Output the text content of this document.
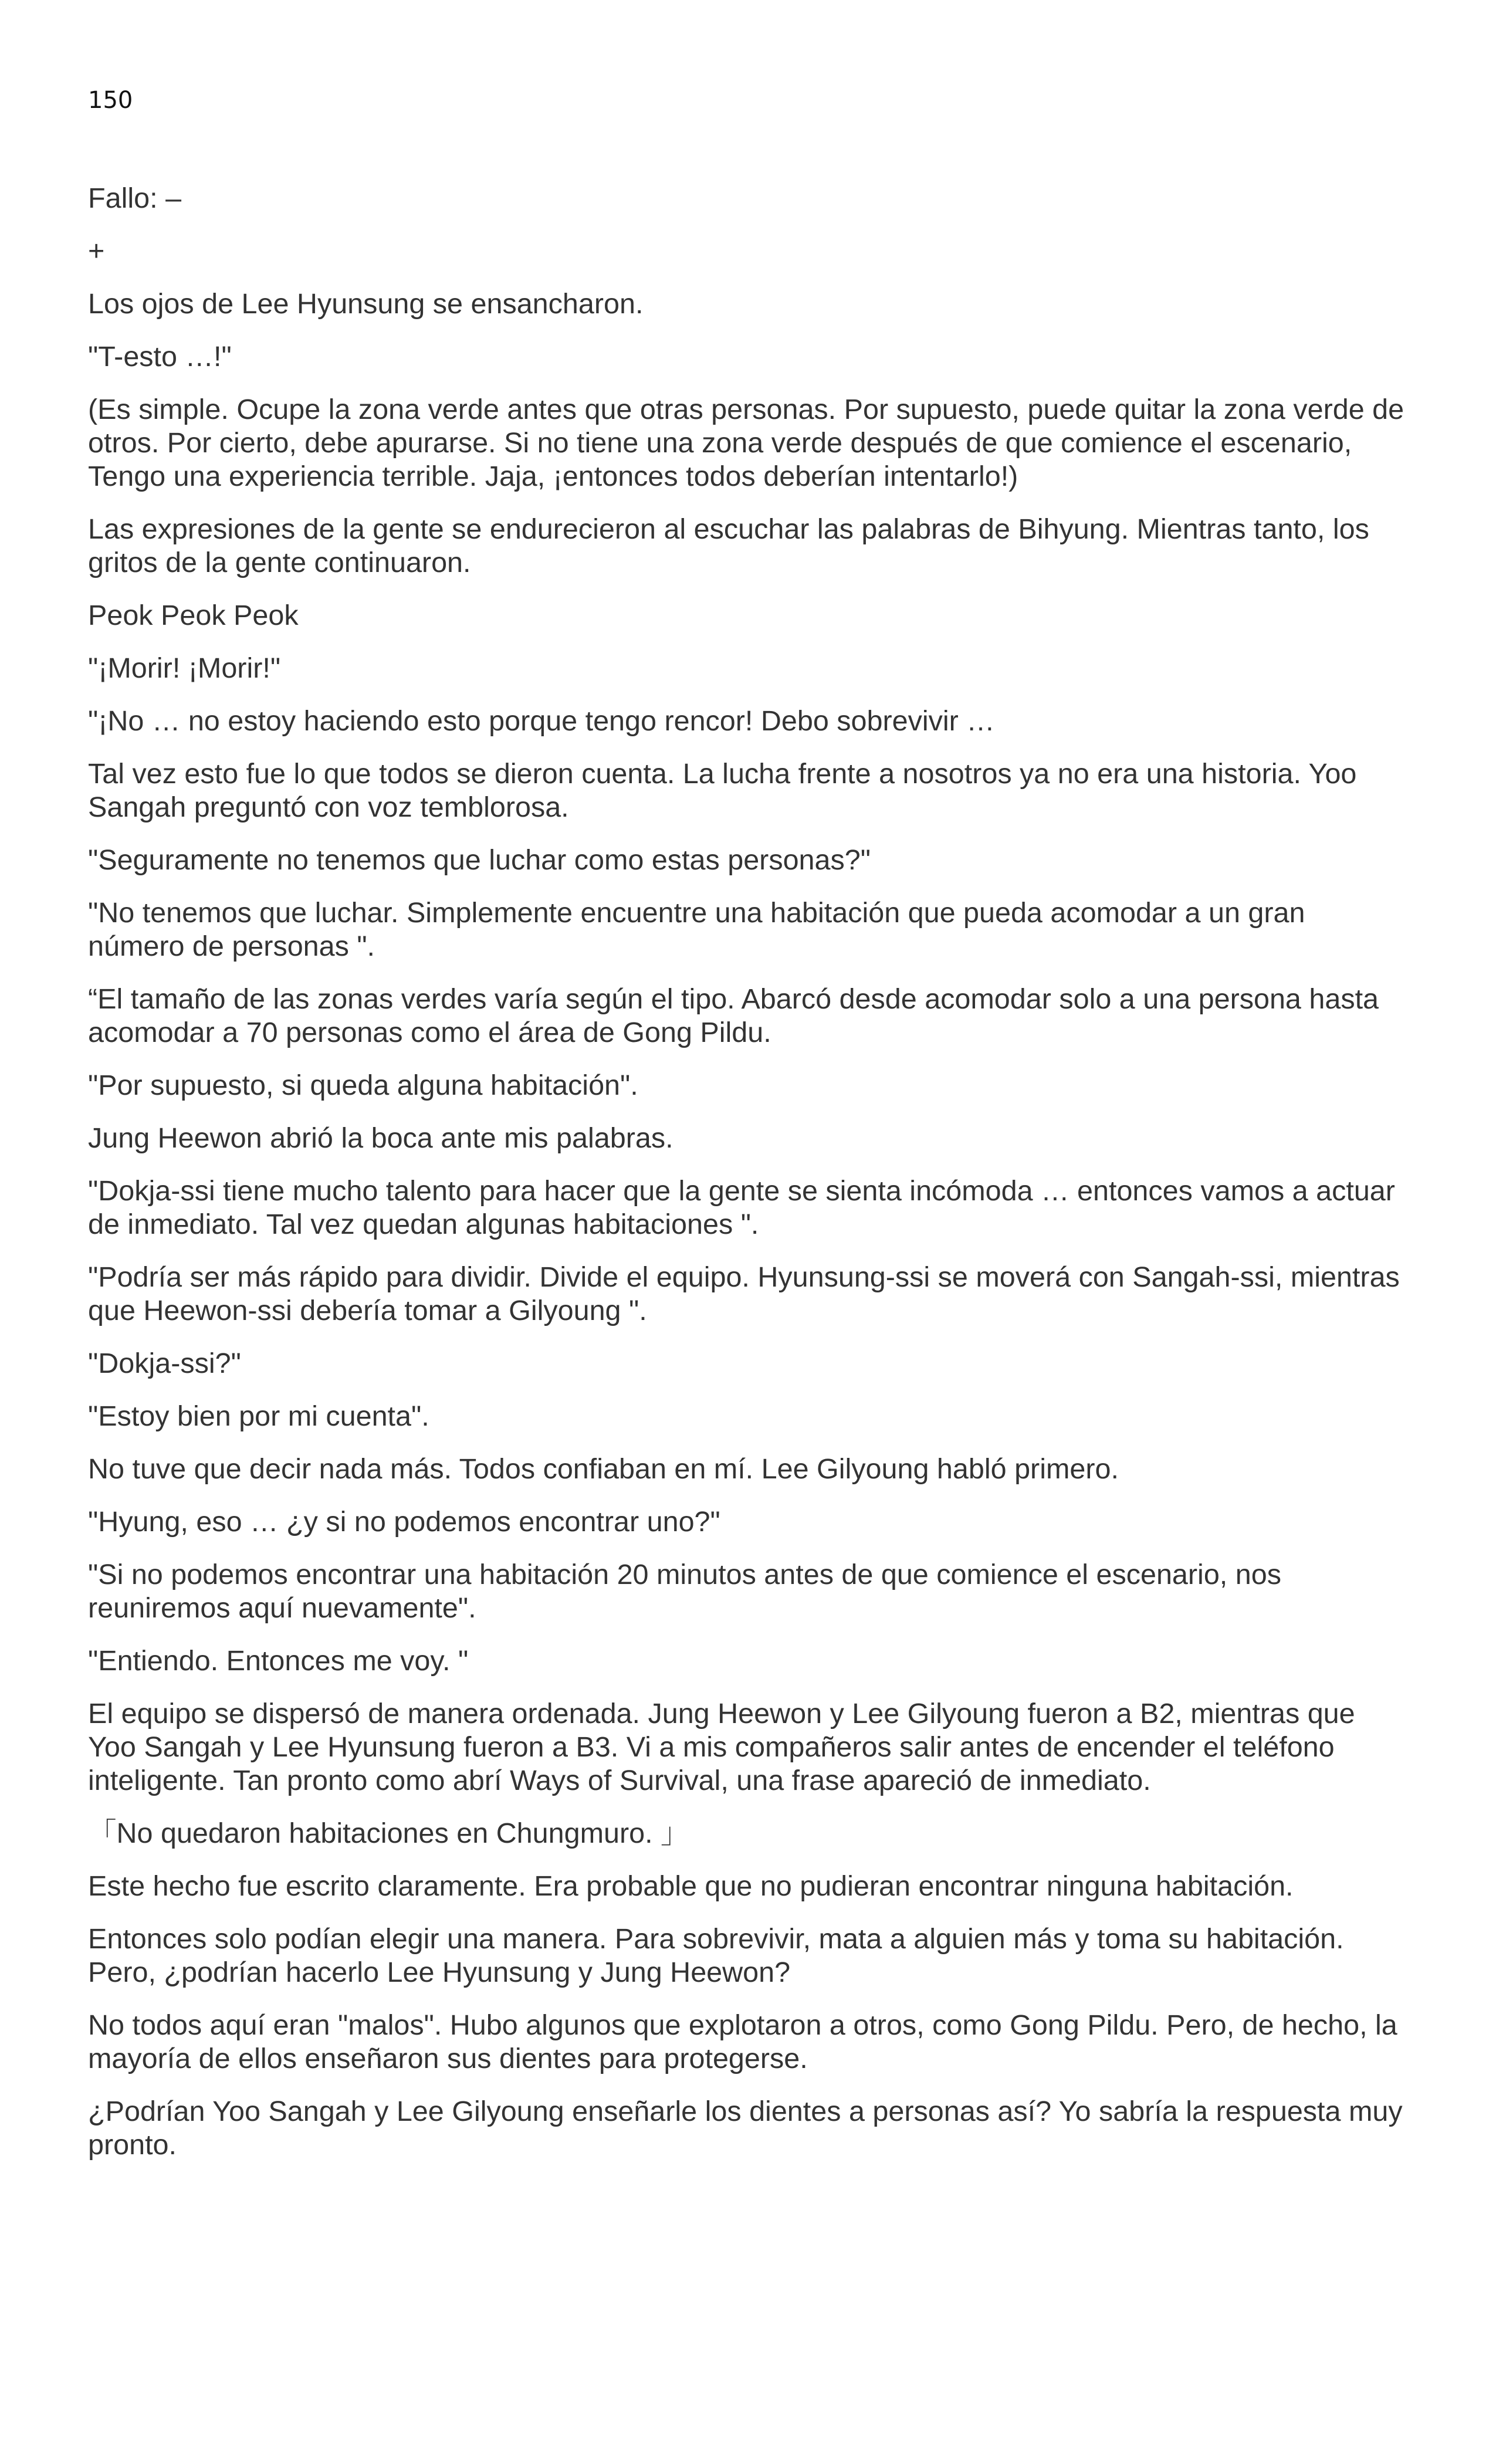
150

Fallo: –

+

Los ojos de Lee Hyunsung se ensancharon.

"T-esto …!"

(Es simple. Ocupe la zona verde antes que otras personas. Por supuesto, puede quitar la zona verde de otros. Por cierto, debe apurarse. Si no tiene una zona verde después de que comience el escenario, Tengo una experiencia terrible. Jaja, ¡entonces todos deberían intentarlo!)

Las expresiones de la gente se endurecieron al escuchar las palabras de Bihyung. Mientras tanto, los gritos de la gente continuaron.

Peok Peok Peok

"¡Morir! ¡Morir!"

"¡No … no estoy haciendo esto porque tengo rencor! Debo sobrevivir …

Tal vez esto fue lo que todos se dieron cuenta. La lucha frente a nosotros ya no era una historia. Yoo Sangah preguntó con voz temblorosa.

"Seguramente no tenemos que luchar como estas personas?"

"No tenemos que luchar. Simplemente encuentre una habitación que pueda acomodar a un gran número de personas ".

“El tamaño de las zonas verdes varía según el tipo. Abarcó desde acomodar solo a una persona hasta acomodar a 70 personas como el área de Gong Pildu.

"Por supuesto, si queda alguna habitación".

Jung Heewon abrió la boca ante mis palabras.

"Dokja-ssi tiene mucho talento para hacer que la gente se sienta incómoda … entonces vamos a actuar de inmediato. Tal vez quedan algunas habitaciones ".

"Podría ser más rápido para dividir. Divide el equipo. Hyunsung-ssi se moverá con Sangah-ssi, mientras que Heewon-ssi debería tomar a Gilyoung ".

"Dokja-ssi?"

"Estoy bien por mi cuenta".

No tuve que decir nada más. Todos confiaban en mí. Lee Gilyoung habló primero.

"Hyung, eso … ¿y si no podemos encontrar uno?"

"Si no podemos encontrar una habitación 20 minutos antes de que comience el escenario, nos reuniremos aquí nuevamente".

"Entiendo. Entonces me voy. "

El equipo se dispersó de manera ordenada. Jung Heewon y Lee Gilyoung fueron a B2, mientras que Yoo Sangah y Lee Hyunsung fueron a B3. Vi a mis compañeros salir antes de encender el teléfono inteligente. Tan pronto como abrí Ways of Survival, una frase apareció de inmediato.

「No quedaron habitaciones en Chungmuro. 」

Este hecho fue escrito claramente. Era probable que no pudieran encontrar ninguna habitación.

Entonces solo podían elegir una manera. Para sobrevivir, mata a alguien más y toma su habitación. Pero, ¿podrían hacerlo Lee Hyunsung y Jung Heewon?

No todos aquí eran "malos". Hubo algunos que explotaron a otros, como Gong Pildu. Pero, de hecho, la mayoría de ellos enseñaron sus dientes para protegerse.

¿Podrían Yoo Sangah y Lee Gilyoung enseñarle los dientes a personas así? Yo sabría la respuesta muy pronto.
